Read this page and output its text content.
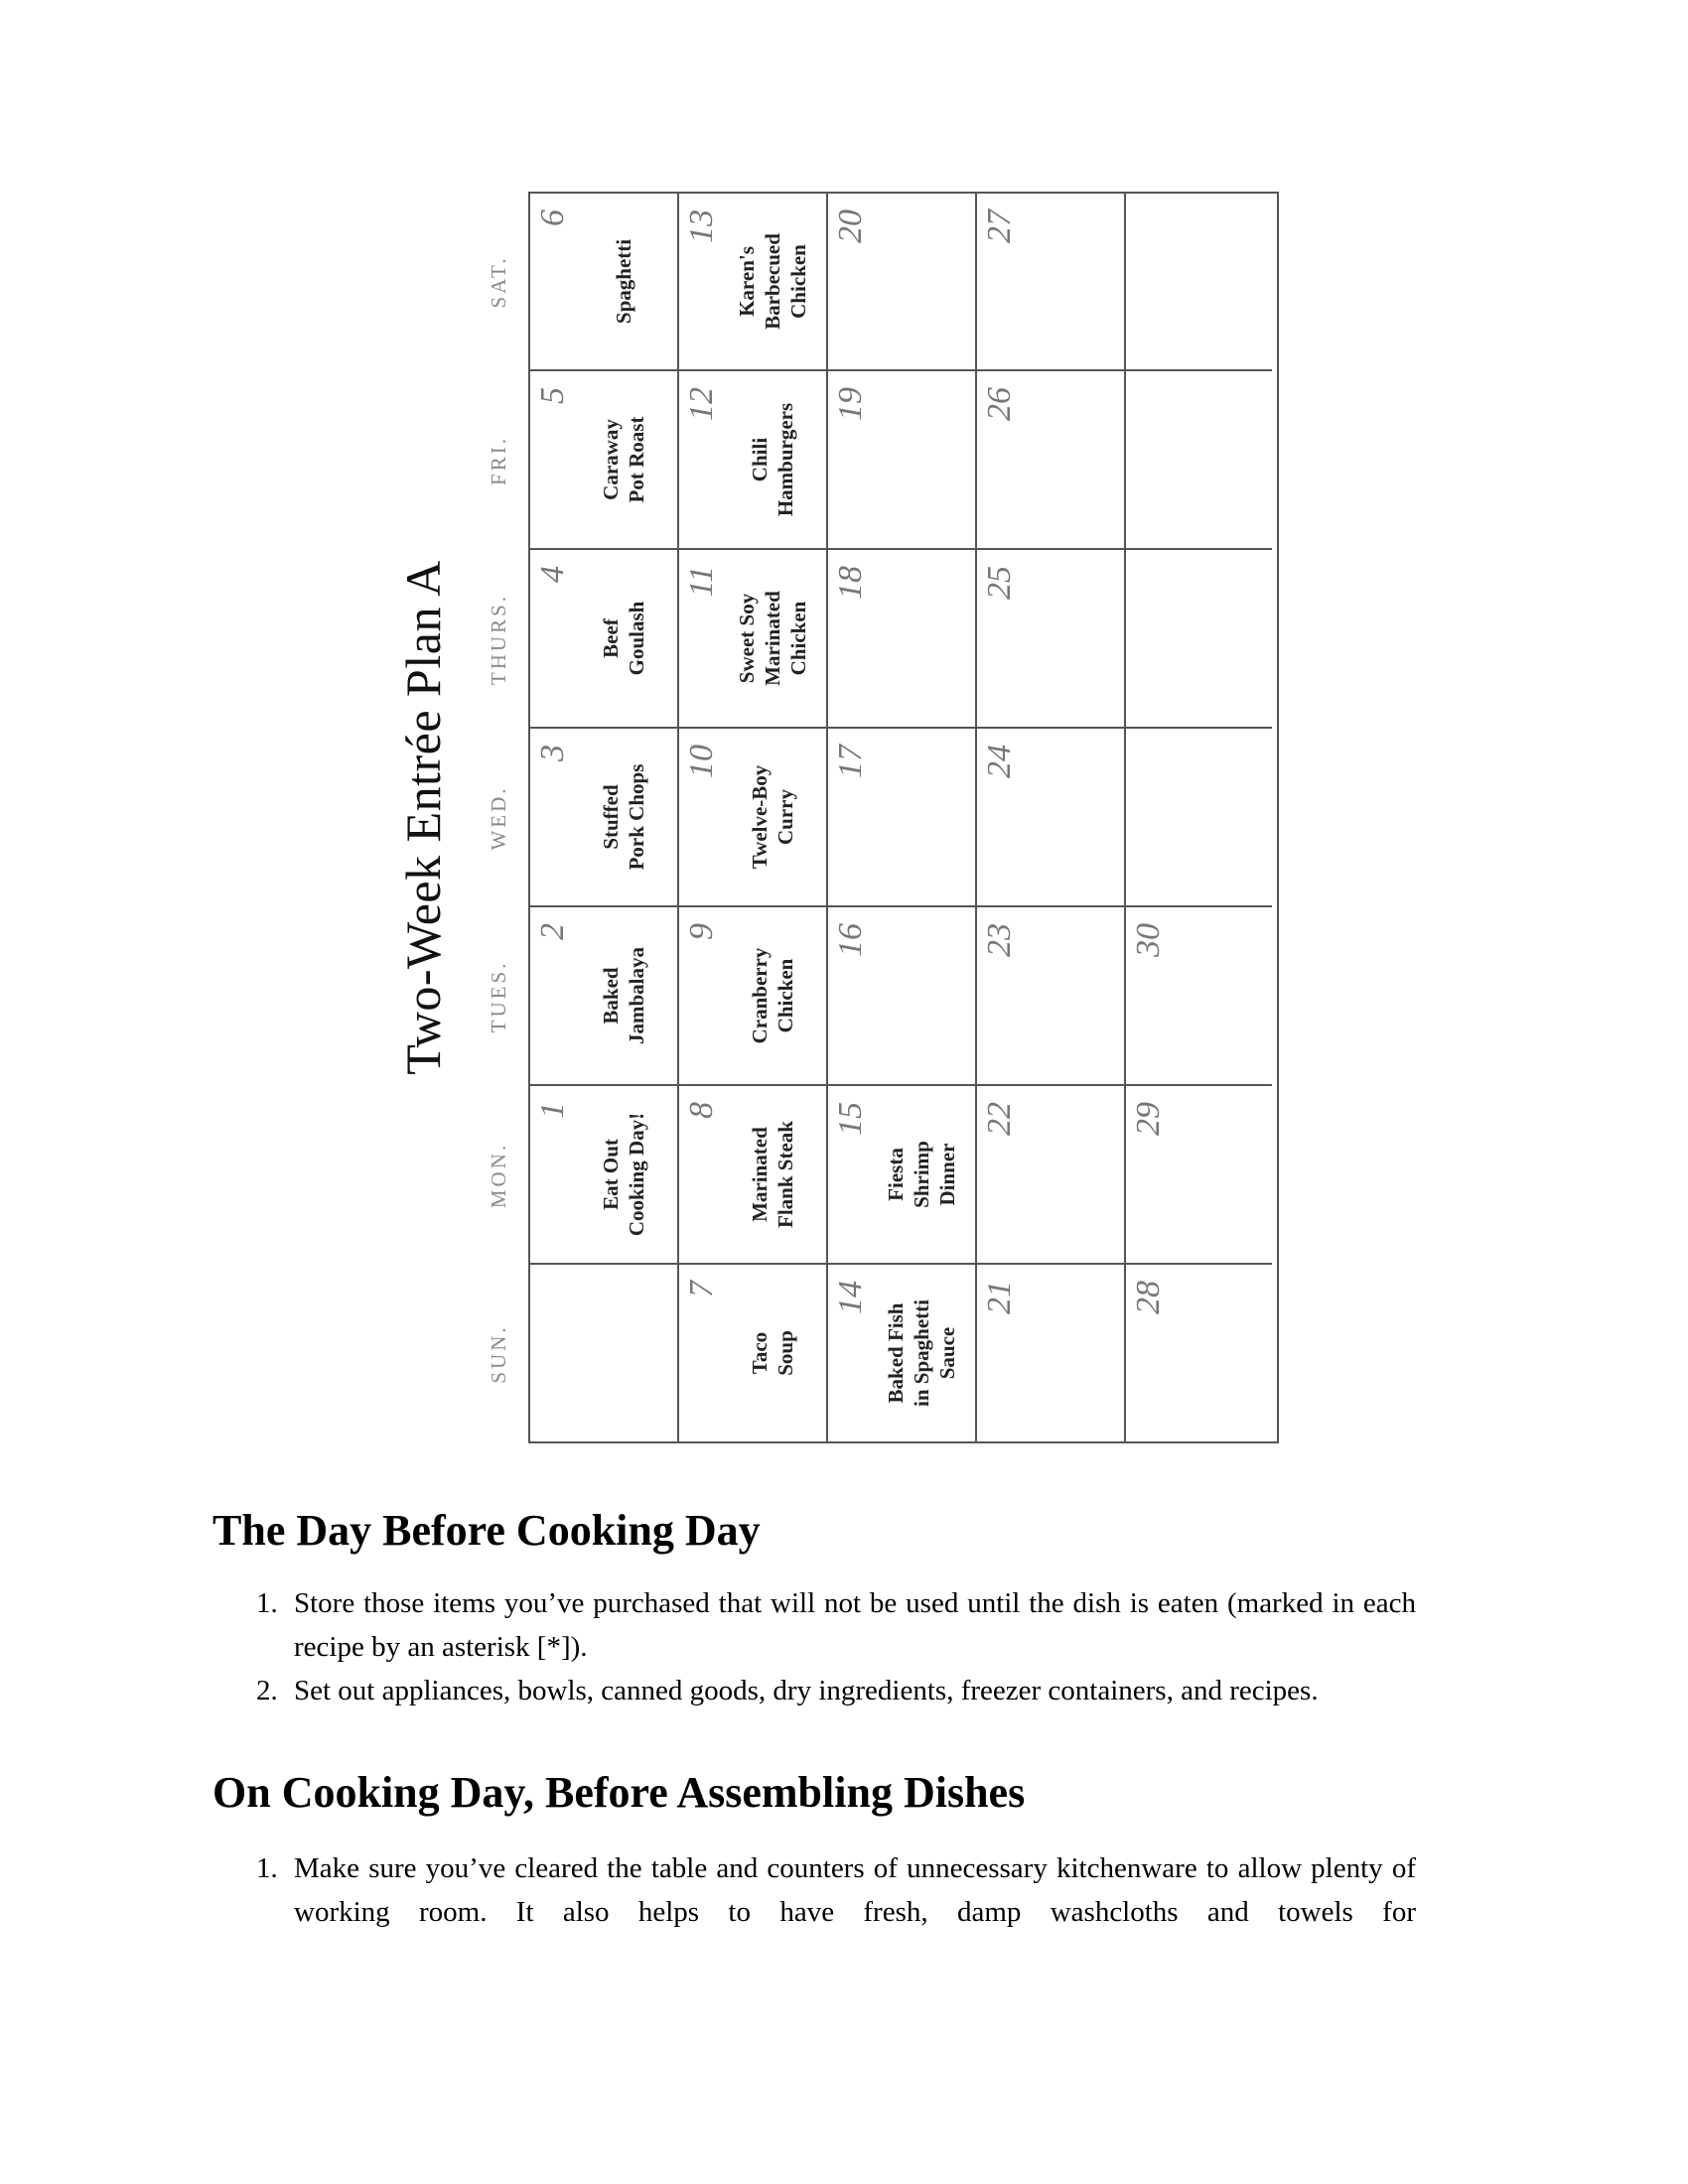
Two-Week Entrée Plan A
SUN.
MON.
TUES.
WED.
THURS.
FRI.
SAT.
1
Eat Out
Cooking Day!
2
Baked
Jambalaya
3
Stuffed
Pork Chops
4
Beef
Goulash
5
Caraway
Pot Roast
6
Spaghetti
7
Taco
Soup
8
Marinated
Flank Steak
9
Cranberry
Chicken
10
Twelve-Boy
Curry
11
Sweet Soy
Marinated
Chicken
12
Chili
Hamburgers
13
Karen's
Barbecued
Chicken
14
Baked Fish
in Spaghetti
Sauce
15
Fiesta
Shrimp
Dinner
16
17
18
19
20
21
22
23
24
25
26
27
28
29
30
The Day Before Cooking Day
1. Store those items you’ve purchased that will not be used until the dish is eaten (marked in each recipe by an asterisk [*]).
2. Set out appliances, bowls, canned goods, dry ingredients, freezer containers, and recipes.
On Cooking Day, Before Assembling Dishes
1. Make sure you’ve cleared the table and counters of unnecessary kitchenware to allow plenty of working room. It also helps to have fresh, damp washcloths and towels for
